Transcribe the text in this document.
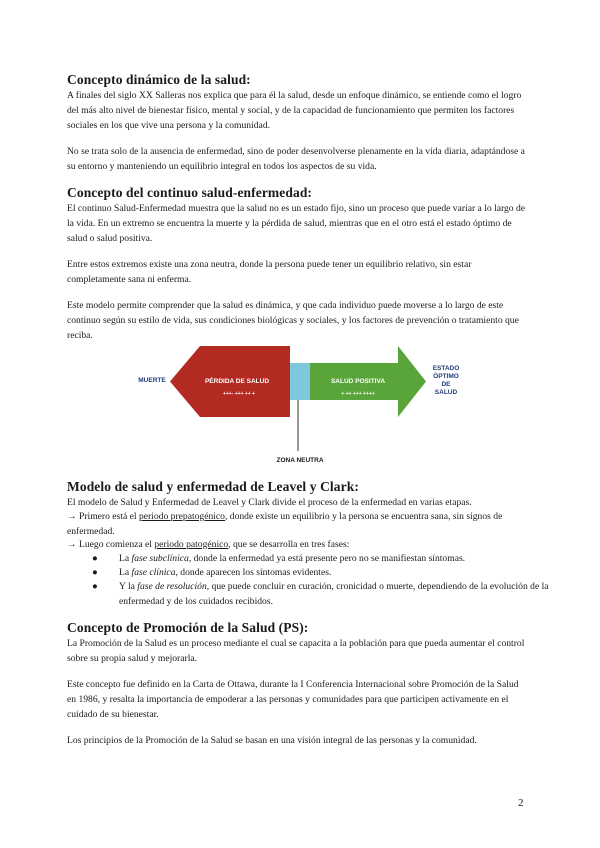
Concepto dinámico de la salud:

A finales del siglo XX Salleras nos explica que para él la salud, desde un enfoque dinámico, se entiende como el logro del más alto nivel de bienestar físico, mental y social, y de la capacidad de funcionamiento que permiten los factores sociales en los que vive una persona y la comunidad.

No se trata solo de la ausencia de enfermedad, sino de poder desenvolverse plenamente en la vida diaria, adaptándose a su entorno y manteniendo un equilibrio integral en todos los aspectos de su vida.

Concepto del continuo salud-enfermedad:

El continuo Salud-Enfermedad muestra que la salud no es un estado fijo, sino un proceso que puede variar a lo largo de la vida. En un extremo se encuentra la muerte y la pérdida de salud, mientras que en el otro está el estado óptimo de salud o salud positiva.

Entre estos extremos existe una zona neutra, donde la persona puede tener un equilibrio relativo, sin estar completamente sana ni enferma.

Este modelo permite comprender que la salud es dinámica, y que cada individuo puede moverse a lo largo de este continuo según su estilo de vida, sus condiciones biológicas y sociales, y los factores de prevención o tratamiento que reciba.

MUERTE	PÉRDIDA DE SALUD
+++- +++ ++ +
SALUD POSITIVA
+ ++ +++ ++++
ESTADO
ÓPTIMO
DE
SALUD
ZONA NEUTRA
Modelo de salud y enfermedad de Leavel y Clark:

El modelo de Salud y Enfermedad de Leavel y Clark divide el proceso de la enfermedad en varias etapas.

→ Primero está el periodo prepatogénico, donde existe un equilibrio y la persona se encuentra sana, sin signos de enfermedad.

→ Luego comienza el periodo patogénico, que se desarrolla en tres fases:

● La fase subclínica, donde la enfermedad ya está presente pero no se manifiestan síntomas.

● La fase clínica, donde aparecen los síntomas evidentes.

● Y la fase de resolución, que puede concluir en curación, cronicidad o muerte, dependiendo de la evolución de la enfermedad y de los cuidados recibidos.

Concepto de Promoción de la Salud (PS):

La Promoción de la Salud es un proceso mediante el cual se capacita a la población para que pueda aumentar el control sobre su propia salud y mejorarla.

Este concepto fue definido en la Carta de Ottawa, durante la I Conferencia Internacional sobre Promoción de la Salud en 1986, y resalta la importancia de empoderar a las personas y comunidades para que participen activamente en el cuidado de su bienestar.

Los principios de la Promoción de la Salud se basan en una visión integral de las personas y la comunidad.

2
